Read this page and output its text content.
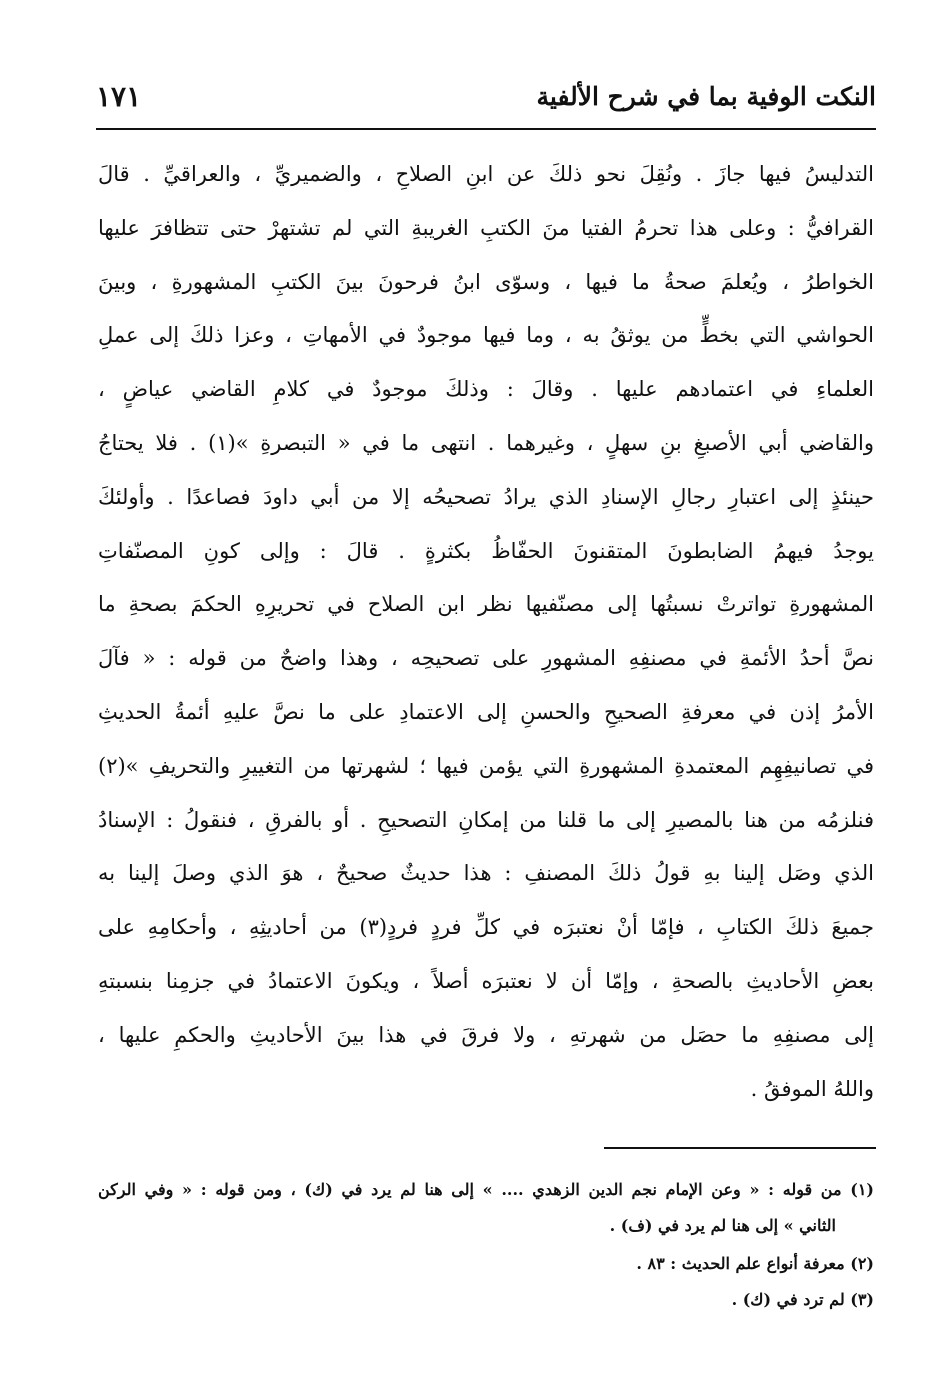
النكت الوفية بما في شرح الألفية
١٧١
التدليسُ فيها جازَ . ونُقِلَ نحو ذلكَ عن ابنِ الصلاحِ ، والضميريِّ ، والعراقيِّ . قالَ
القرافيُّ : وعلى هذا تحرمُ الفتيا منَ الكتبِ الغريبةِ التي لم تشتهرْ حتى تتظافرَ عليها
الخواطرُ ، ويُعلمَ صحةُ ما فيها ، وسوّى ابنُ فرحونَ بينَ الكتبِ المشهورةِ ، وبينَ
الحواشي التي بخطٍّ من يوثقُ به ، وما فيها موجودٌ في الأمهاتِ ، وعزا ذلكَ إلى عملِ
العلماءِ في اعتمادهم عليها . وقالَ : وذلكَ موجودٌ في كلامِ القاضي عياضٍ ،
والقاضي أبي الأصبغِ بنِ سهلٍ ، وغيرهما . انتهى ما في « التبصرةِ »(١) . فلا يحتاجُ
حينئذٍ إلى اعتبارِ رجالِ الإسنادِ الذي يرادُ تصحيحُه إلا من أبي داودَ فصاعدًا . وأولئكَ
يوجدُ فيهمُ الضابطونَ المتقنونَ الحفّاظُ بكثرةٍ . قالَ : وإلى كونِ المصنّفاتِ
المشهورةِ تواترتْ نسبتُها إلى مصنّفيها نظر ابن الصلاح في تحريرِهِ الحكمَ بصحةِ ما
نصَّ أحدُ الأئمةِ في مصنفِهِ المشهورِ على تصحيحِه ، وهذا واضحٌ من قوله : « فآلَ
الأمرُ إذن في معرفةِ الصحيحِ والحسنِ إلى الاعتمادِ على ما نصَّ عليهِ أئمةُ الحديثِ
في تصانيفِهِم المعتمدةِ المشهورةِ التي يؤمن فيها ؛ لشهرتها من التغييرِ والتحريفِ »(٢)
فنلزمُه من هنا بالمصيرِ إلى ما قلنا من إمكانِ التصحيحِ . أو بالفرقِ ، فنقولُ : الإسنادُ
الذي وصَل إلينا بهِ قولُ ذلكَ المصنفِ : هذا حديثٌ صحيحٌ ، هوَ الذي وصلَ إلينا به
جميعَ ذلكَ الكتابِ ، فإمّا أنْ نعتبرَه في كلِّ فردٍ فردٍ(٣) من أحاديثِهِ ، وأحكامِهِ على
بعضِ الأحاديثِ بالصحةِ ، وإمّا أن لا نعتبرَه أصلاً ، ويكونَ الاعتمادُ في جزمِنا بنسبتهِ
إلى مصنفِهِ ما حصَل من شهرتهِ ، ولا فرقَ في هذا بينَ الأحاديثِ والحكمِ عليها ،
واللهُ الموفقُ .
(١) من قوله : « وعن الإمام نجم الدين الزهدي .... » إلى هنا لم يرد في (ك) ، ومن قوله : « وفي الركن
الثاني » إلى هنا لم يرد في (ف) .
(٢) معرفة أنواع علم الحديث : ٨٣ .
(٣) لم ترد في (ك) .
